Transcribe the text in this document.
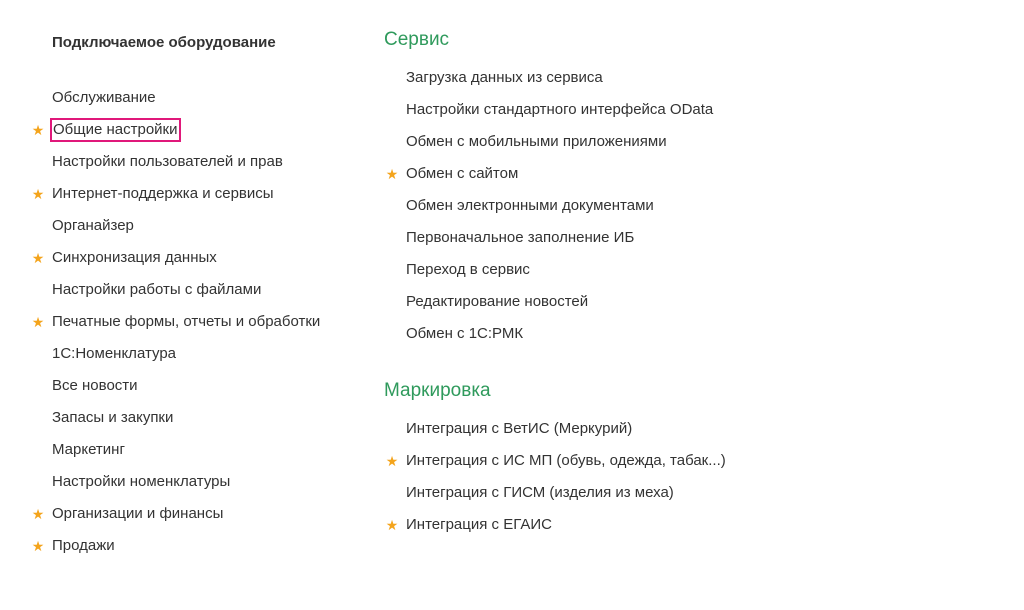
Подключаемое оборудование
Обслуживание
★ Общие настройки
Настройки пользователей и прав
★ Интернет-поддержка и сервисы
Органайзер
★ Синхронизация данных
Настройки работы с файлами
★ Печатные формы, отчеты и обработки
1С:Номенклатура
Все новости
Запасы и закупки
Маркетинг
Настройки номенклатуры
★ Организации и финансы
★ Продажи
Сервис
Загрузка данных из сервиса
Настройки стандартного интерфейса OData
Обмен с мобильными приложениями
★ Обмен с сайтом
Обмен электронными документами
Первоначальное заполнение ИБ
Переход в сервис
Редактирование новостей
Обмен с 1С:РМК
Маркировка
Интеграция с ВетИС (Меркурий)
★ Интеграция с ИС МП (обувь, одежда, табак...)
Интеграция с ГИСМ (изделия из меха)
★ Интеграция с ЕГАИС
